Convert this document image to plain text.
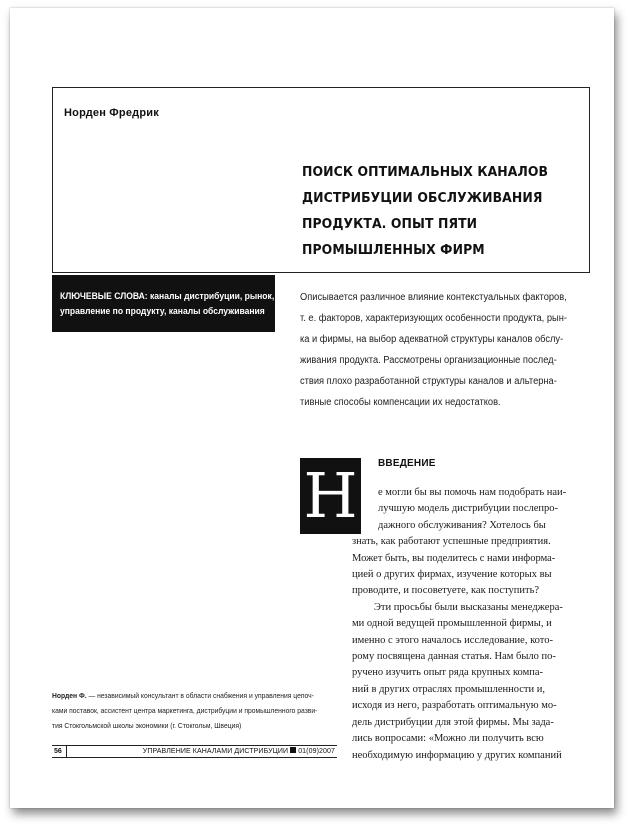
Норден Фредрик
ПОИСК ОПТИМАЛЬНЫХ КАНАЛОВ
ДИСТРИБУЦИИ ОБСЛУЖИВАНИЯ
ПРОДУКТА. ОПЫТ ПЯТИ
ПРОМЫШЛЕННЫХ ФИРМ
КЛЮЧЕВЫЕ СЛОВА: каналы дистрибуции, рынок,
управление по продукту, каналы обслуживания
Описывается различное влияние контекстуальных факторов,
т. е. факторов, характеризующих особенности продукта, рын-
ка и фирмы, на выбор адекватной структуры каналов обслу-
живания продукта. Рассмотрены организационные послед-
ствия плохо разработанной структуры каналов и альтерна-
тивные способы компенсации их недостатков.
Н	ВВЕДЕНИЕ
е могли бы вы помочь нам подобрать наи-
лучшую модель дистрибуции послепро-
дажного обслуживания? Хотелось бы
знать, как работают успешные предприятия.
Может быть, вы поделитесь с нами информа-
цией о других фирмах, изучение которых вы
проводите, и посоветуете, как поступить?
Эти просьбы были высказаны менеджера-
ми одной ведущей промышленной фирмы, и
именно с этого началось исследование, кото-
рому посвящена данная статья. Нам было по-
ручено изучить опыт ряда крупных компа-
ний в других отраслях промышленности и,
исходя из него, разработать оптимальную мо-
дель дистрибуции для этой фирмы. Мы зада-
лись вопросами: «Можно ли получить всю
необходимую информацию у других компаний
Норден Ф. — независимый консультант в области снабжения и управления цепоч-
ками поставок, ассистент центра маркетинга, дистрибуции и промышленного разви-
тия Стокгольмской школы экономики (г. Стокгольм, Швеция)
56	УПРАВЛЕНИЕ КАНАЛАМИ ДИСТРИБУЦИИ 01(09)2007
